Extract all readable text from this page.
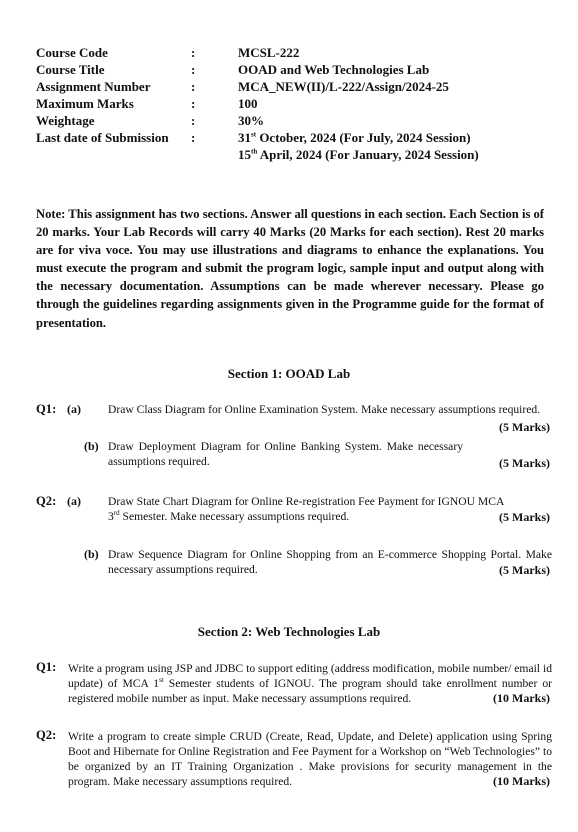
Course Code	:	MCSL-222
Course Title	:	OOAD and Web Technologies Lab
Assignment Number	:	MCA_NEW(II)/L-222/Assign/2024-25
Maximum Marks	:	100
Weightage	:	30%
Last date of Submission	:	31st October, 2024 (For July, 2024 Session)
15th April, 2024 (For January, 2024 Session)
Note: This assignment has two sections. Answer all questions in each section. Each Section is of 20 marks. Your Lab Records will carry 40 Marks (20 Marks for each section). Rest 20 marks are for viva voce. You may use illustrations and diagrams to enhance the explanations. You must execute the program and submit the program logic, sample input and output along with the necessary documentation. Assumptions can be made wherever necessary. Please go through the guidelines regarding assignments given in the Programme guide for the format of presentation.
Section 1: OOAD Lab
Q1: (a) Draw Class Diagram for Online Examination System. Make necessary assumptions required.
(5 Marks)
(b) Draw Deployment Diagram for Online Banking System. Make necessary assumptions required.	(5 Marks)
Q2: (a) Draw State Chart Diagram for Online Re-registration Fee Payment for IGNOU MCA
3rd Semester. Make necessary assumptions required.	(5 Marks)
(b) Draw Sequence Diagram for Online Shopping from an E-commerce Shopping Portal. Make necessary assumptions required.	(5 Marks)
Section 2: Web Technologies Lab
Q1: Write a program using JSP and JDBC to support editing (address modification, mobile number/ email id update) of MCA 1st Semester students of IGNOU. The program should take enrollment number or registered mobile number as input. Make necessary assumptions required.	(10 Marks)
Q2: Write a program to create simple CRUD (Create, Read, Update, and Delete) application using Spring Boot and Hibernate for Online Registration and Fee Payment for a Workshop on “Web Technologies” to be organized by an IT Training Organization . Make provisions for security management in the program. Make necessary assumptions required.	(10 Marks)
